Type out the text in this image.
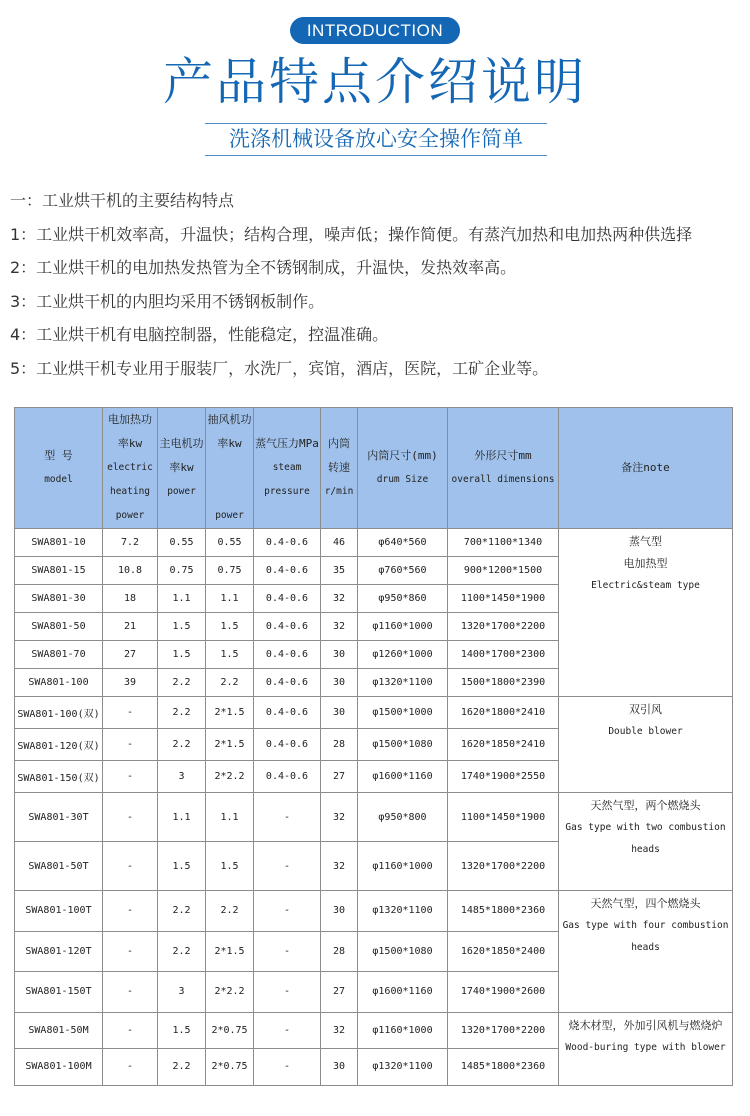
INTRODUCTION
产品特点介绍说明
洗涤机械设备放心安全操作简单
一：工业烘干机的主要结构特点
1：工业烘干机效率高，升温快；结构合理，噪声低；操作简便。有蒸汽加热和电加热两种供选择
2：工业烘干机的电加热发热管为全不锈钢制成，升温快，发热效率高。
3：工业烘干机的内胆均采用不锈钢板制作。
4：工业烘干机有电脑控制器，性能稳定，控温准确。
5：工业烘干机专业用于服装厂，水洗厂，宾馆，酒店，医院，工矿企业等。
型 号
model	电加热功
率kw
electric
heating
power	主电机功
率kw
power	抽风机功
率kw
power	蒸气压力MPa
steam
pressure	内筒
转速
r/min	内筒尺寸(mm)
drum Size	外形尺寸mm
overall dimensions	备注note

SWA801-10	7.2	0.55	0.55	0.4-0.6	46	φ640*560	700*1100*1340	蒸气型
电加热型
Electric&steam type

SWA801-15	10.8	0.75	0.75	0.4-0.6	35	φ760*560	900*1200*1500	
SWA801-30	18	1.1	1.1	0.4-0.6	32	φ950*860	1100*1450*1900	
SWA801-50	21	1.5	1.5	0.4-0.6	32	φ1160*1000	1320*1700*2200	
SWA801-70	27	1.5	1.5	0.4-0.6	30	φ1260*1000	1400*1700*2300	
SWA801-100	39	2.2	2.2	0.4-0.6	30	φ1320*1100	1500*1800*2390	
SWA801-100(双)	-	2.2	2*1.5	0.4-0.6	30	φ1500*1000	1620*1800*2410	双引风
Double blower

SWA801-120(双)	-	2.2	2*1.5	0.4-0.6	28	φ1500*1080	1620*1850*2410	
SWA801-150(双)	-	3	2*2.2	0.4-0.6	27	φ1600*1160	1740*1900*2550	
SWA801-30T	-	1.1	1.1	-	32	φ950*800	1100*1450*1900	天然气型，两个燃烧头
Gas type with two combustion heads

SWA801-50T	-	1.5	1.5	-	32	φ1160*1000	1320*1700*2200	
SWA801-100T	-	2.2	2.2	-	30	φ1320*1100	1485*1800*2360	天然气型，四个燃烧头
Gas type with four combustion heads

SWA801-120T	-	2.2	2*1.5	-	28	φ1500*1080	1620*1850*2400	
SWA801-150T	-	3	2*2.2	-	27	φ1600*1160	1740*1900*2600	
SWA801-50M	-	1.5	2*0.75	-	32	φ1160*1000	1320*1700*2200	烧木材型，外加引风机与燃烧炉
Wood-buring type with blower

SWA801-100M	-	2.2	2*0.75	-	30	φ1320*1100	1485*1800*2360	
